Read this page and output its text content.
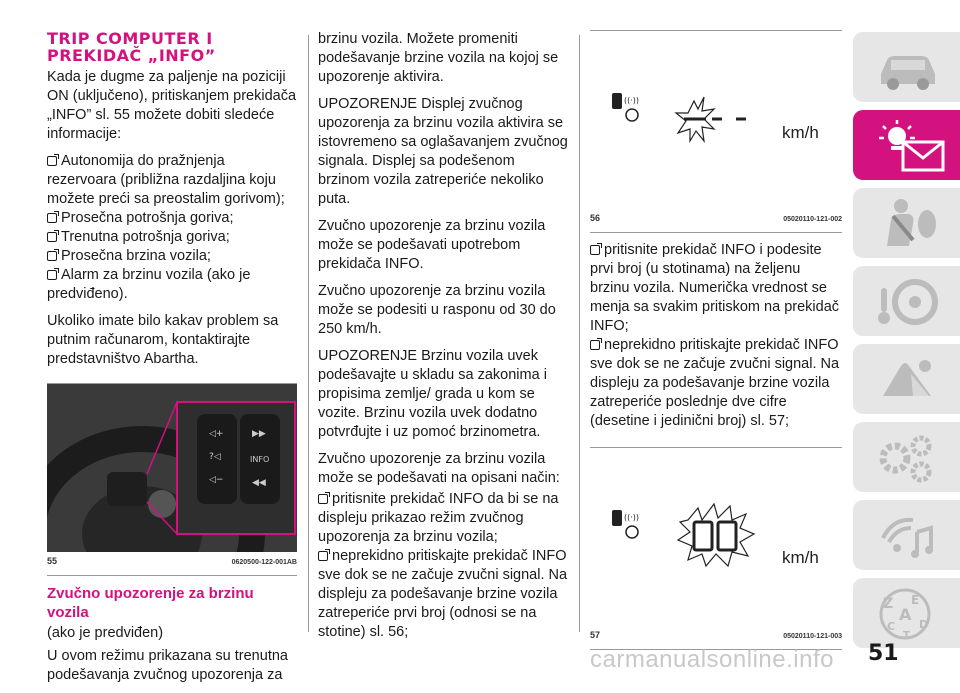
TRIP COMPUTER I
PREKIDAČ „INFO”

Kada je dugme za paljenje na poziciji ON (uključeno), pritiskanjem prekidača „INFO” sl. 55 možete dobiti sledeće informacije:

Autonomija do pražnjenja rezervoara (približna razdaljina koju možete preći sa preostalim gorivom);
Prosečna potrošnja goriva;
Trenutna potrošnja goriva;
Prosečna brzina vozila;
Alarm za brzinu vozila (ako je predviđeno).

Ukoliko imate bilo kakav problem sa putnim računarom, kontaktirajte predstavništvo Abartha.

◁+
?◁
◁−
▶▶
INFO
◀◀
55	0620500-122-001AB
Zvučno upozorenje za brzinu vozila

(ako je predviđen)

U ovom režimu prikazana su trenutna podešavanja zvučnog upozorenja za

brzinu vozila. Možete promeniti podešavanje brzine vozila na kojoj se upozorenje aktivira.

UPOZORENJE Displej zvučnog upozorenja za brzinu vozila aktivira se istovremeno sa oglašavanjem zvučnog signala. Displej sa podešenom brzinom vozila zatreperiće nekoliko puta.

Zvučno upozorenje za brzinu vozila može se podešavati upotrebom prekidača INFO.

Zvučno upozorenje za brzinu vozila može se podesiti u rasponu od 30 do 250 km/h.

UPOZORENJE Brzinu vozila uvek podešavajte u skladu sa zakonima i propisima zemlje/ grada u kom se vozite. Brzinu vozila uvek dodatno potvrđujte i uz pomoć brzinometra.

Zvučno upozorenje za brzinu vozila može se podešavati na opisani način:

pritisnite prekidač INFO da bi se na displeju prikazao režim zvučnog upozorenja za brzinu vozila;
neprekidno pritiskajte prekidač INFO sve dok se ne začuje zvučni signal. Na displeju za podešavanje brzine vozila zatreperiće prvi broj (odnosi se na stotine) sl. 56;
((·))
km/h
56	05020110-121-002
pritisnite prekidač INFO i podesite prvi broj (u stotinama) na željenu brzinu vozila. Numerička vrednost se menja sa svakim pritiskom na prekidač INFO;
neprekidno pritiskajte prekidač INFO sve dok se ne začuje zvučni signal. Na displeju za podešavanje brzine vozila zatreperiće poslednje dve cifre (desetine i jedinični broj) sl. 57;
((·))
km/h
57	05020110-121-003
Z E
A
C D
T
carmanualsonline.info 51
